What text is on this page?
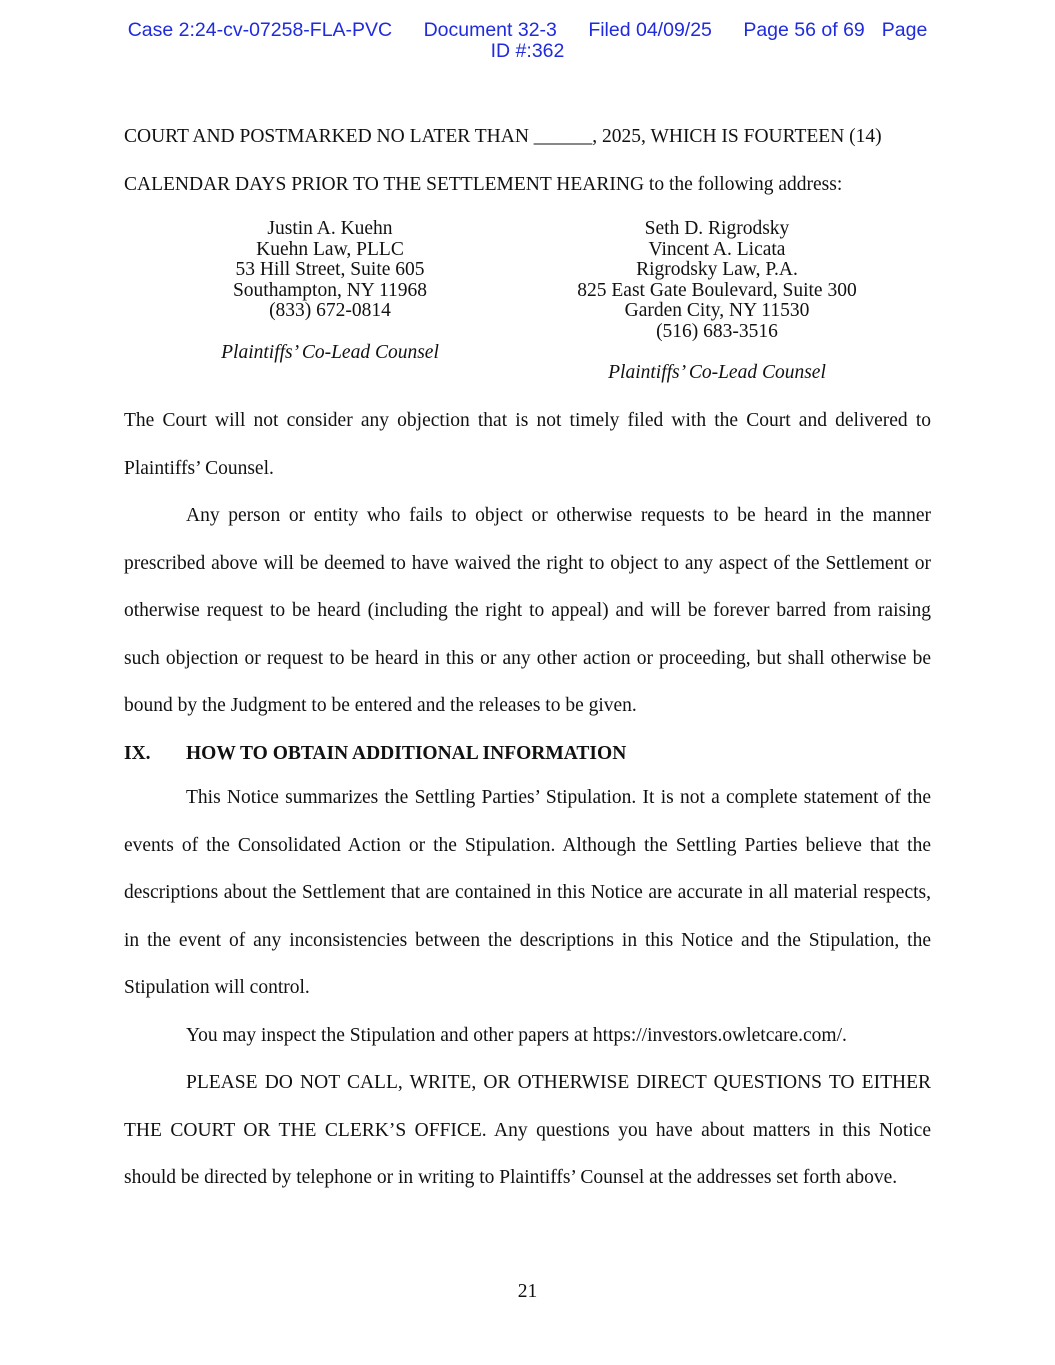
Case 2:24-cv-07258-FLA-PVC Document 32-3 Filed 04/09/25 Page 56 of 69 Page
ID #:362

COURT AND POSTMARKED NO LATER THAN ______, 2025, WHICH IS FOURTEEN (14)

CALENDAR DAYS PRIOR TO THE SETTLEMENT HEARING to the following address:

Justin A. Kuehn
Kuehn Law, PLLC
53 Hill Street, Suite 605
Southampton, NY 11968
(833) 672-0814
Plaintiffs’ Co-Lead Counsel
Seth D. Rigrodsky
Vincent A. Licata
Rigrodsky Law, P.A.
825 East Gate Boulevard, Suite 300
Garden City, NY 11530
(516) 683-3516
Plaintiffs’ Co-Lead Counsel

The Court will not consider any objection that is not timely filed with the Court and delivered to Plaintiffs’ Counsel.

Any person or entity who fails to object or otherwise requests to be heard in the manner prescribed above will be deemed to have waived the right to object to any aspect of the Settlement or otherwise request to be heard (including the right to appeal) and will be forever barred from raising such objection or request to be heard in this or any other action or proceeding, but shall otherwise be bound by the Judgment to be entered and the releases to be given.

IX. HOW TO OBTAIN ADDITIONAL INFORMATION

This Notice summarizes the Settling Parties’ Stipulation. It is not a complete statement of the events of the Consolidated Action or the Stipulation. Although the Settling Parties believe that the descriptions about the Settlement that are contained in this Notice are accurate in all material respects, in the event of any inconsistencies between the descriptions in this Notice and the Stipulation, the Stipulation will control.

You may inspect the Stipulation and other papers at https://investors.owletcare.com/.

PLEASE DO NOT CALL, WRITE, OR OTHERWISE DIRECT QUESTIONS TO EITHER THE COURT OR THE CLERK’S OFFICE. Any questions you have about matters in this Notice should be directed by telephone or in writing to Plaintiffs’ Counsel at the addresses set forth above.

21
